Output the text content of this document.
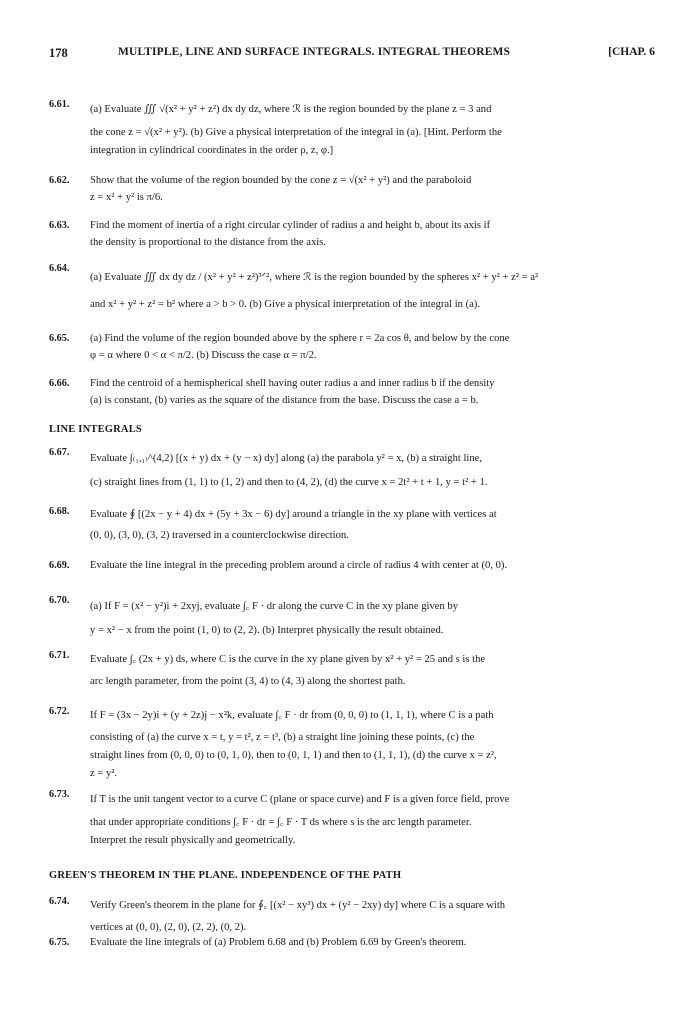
178	MULTIPLE, LINE AND SURFACE INTEGRALS. INTEGRAL THEOREMS	[CHAP. 6
6.61. (a) Evaluate ∭ √(x² + y² + z²) dx dy dz, where ℛ is the region bounded by the plane z = 3 and
the cone z = √(x² + y²). (b) Give a physical interpretation of the integral in (a). [Hint. Perform the
integration in cylindrical coordinates in the order ρ, z, φ.]
6.62. Show that the volume of the region bounded by the cone z = √(x² + y²) and the paraboloid
z = x² + y² is π/6.
6.63. Find the moment of inertia of a right circular cylinder of radius a and height b, about its axis if
the density is proportional to the distance from the axis.
6.64.
(a) Evaluate ∭ dx dy dz / (x² + y² + z²)³ᐟ², where ℛ is the region bounded by the spheres x² + y² + z² = a²
and x² + y² + z² = b² where a > b > 0. (b) Give a physical interpretation of the integral in (a).
6.65. (a) Find the volume of the region bounded above by the sphere r = 2a cos θ, and below by the cone
φ = α where 0 < α < π/2. (b) Discuss the case α = π/2.
6.66. Find the centroid of a hemispherical shell having outer radius a and inner radius b if the density
(a) is constant, (b) varies as the square of the distance from the base. Discuss the case a = b.
6.67.
Evaluate ∫₍₁,₁₎^(4,2) [(x + y) dx + (y − x) dy] along (a) the parabola y² = x, (b) a straight line,
(c) straight lines from (1, 1) to (1, 2) and then to (4, 2), (d) the curve x = 2t² + t + 1, y = t² + 1.
6.68. Evaluate ∮ [(2x − y + 4) dx + (5y + 3x − 6) dy] around a triangle in the xy plane with vertices at
(0, 0), (3, 0), (3, 2) traversed in a counterclockwise direction.
6.69. Evaluate the line integral in the preceding problem around a circle of radius 4 with center at (0, 0).
6.70.
(a) If F = (x² − y²)i + 2xyj, evaluate ∫꜀ F · dr along the curve C in the xy plane given by
y = x² − x from the point (1, 0) to (2, 2). (b) Interpret physically the result obtained.
6.71. Evaluate ∫꜀ (2x + y) ds, where C is the curve in the xy plane given by x² + y² = 25 and s is the
arc length parameter, from the point (3, 4) to (4, 3) along the shortest path.
6.72. If F = (3x − 2y)i + (y + 2z)j − x²k, evaluate ∫꜀ F · dr from (0, 0, 0) to (1, 1, 1), where C is a path
consisting of (a) the curve x = t, y = t², z = t³, (b) a straight line joining these points, (c) the
straight lines from (0, 0, 0) to (0, 1, 0), then to (0, 1, 1) and then to (1, 1, 1), (d) the curve x = z²,
z = y².
6.73. If T is the unit tangent vector to a curve C (plane or space curve) and F is a given force field, prove
that under appropriate conditions ∫꜀ F · dr = ∫꜀ F · T ds where s is the arc length parameter.
Interpret the result physically and geometrically.
6.74. Verify Green's theorem in the plane for ∮꜀ [(x² − xy³) dx + (y² − 2xy) dy] where C is a square with
vertices at (0, 0), (2, 0), (2, 2), (0, 2).
6.75. Evaluate the line integrals of (a) Problem 6.68 and (b) Problem 6.69 by Green's theorem.
LINE INTEGRALS
GREEN'S THEOREM IN THE PLANE. INDEPENDENCE OF THE PATH
